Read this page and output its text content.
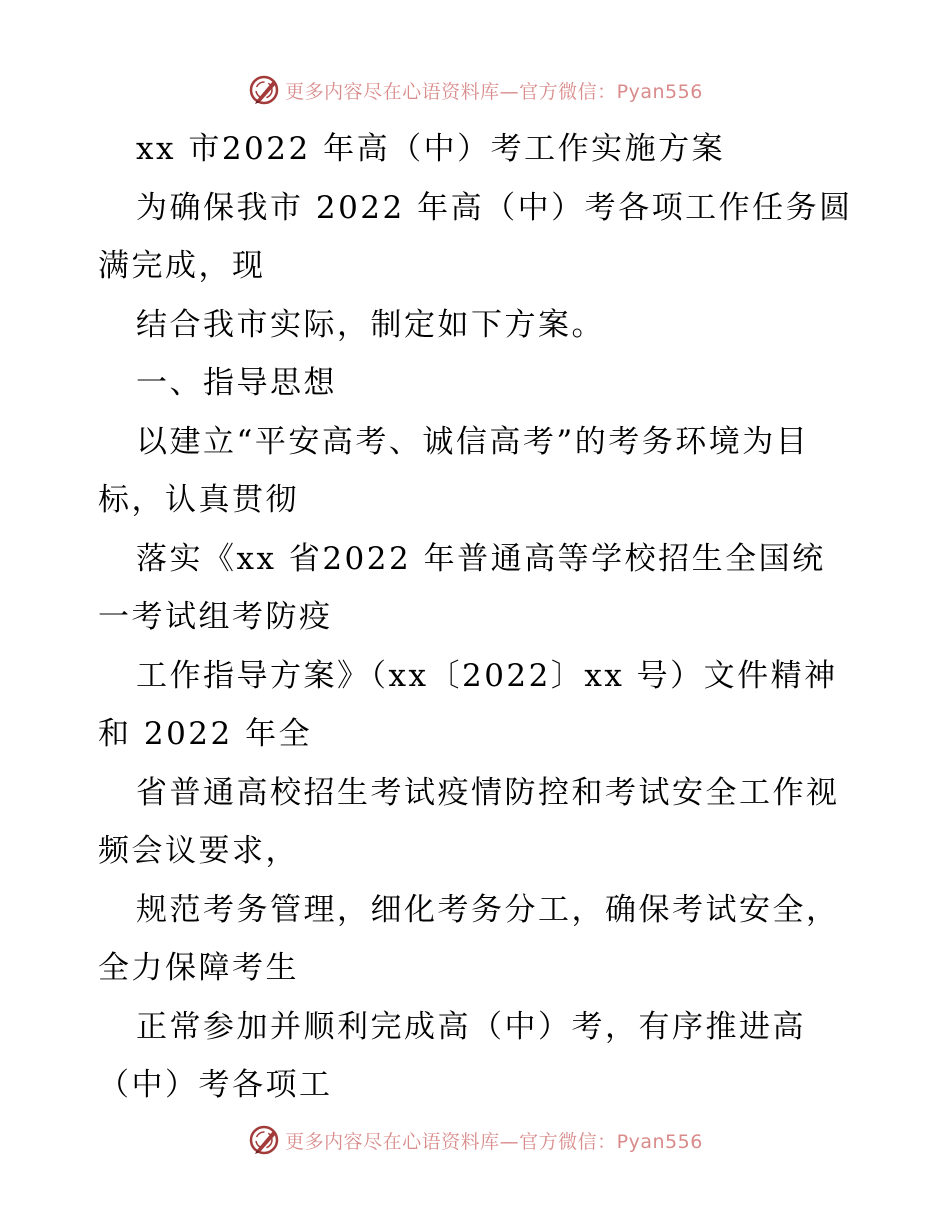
更多内容尽在心语资料库—官方微信：Pyan556
xx 市2022 年高（中）考工作实施方案
为确保我市 2022 年高（中）考各项工作任务圆
满完成，现
结合我市实际，制定如下方案。
一、指导思想
以建立“平安高考、诚信高考”的考务环境为目
标，认真贯彻
落实《xx 省2022 年普通高等学校招生全国统
一考试组考防疫
工作指导方案》（xx〔2022〕xx 号）文件精神
和 2022 年全
省普通高校招生考试疫情防控和考试安全工作视
频会议要求，
规范考务管理，细化考务分工，确保考试安全，
全力保障考生
正常参加并顺利完成高（中）考，有序推进高
（中）考各项工
更多内容尽在心语资料库—官方微信：Pyan556
